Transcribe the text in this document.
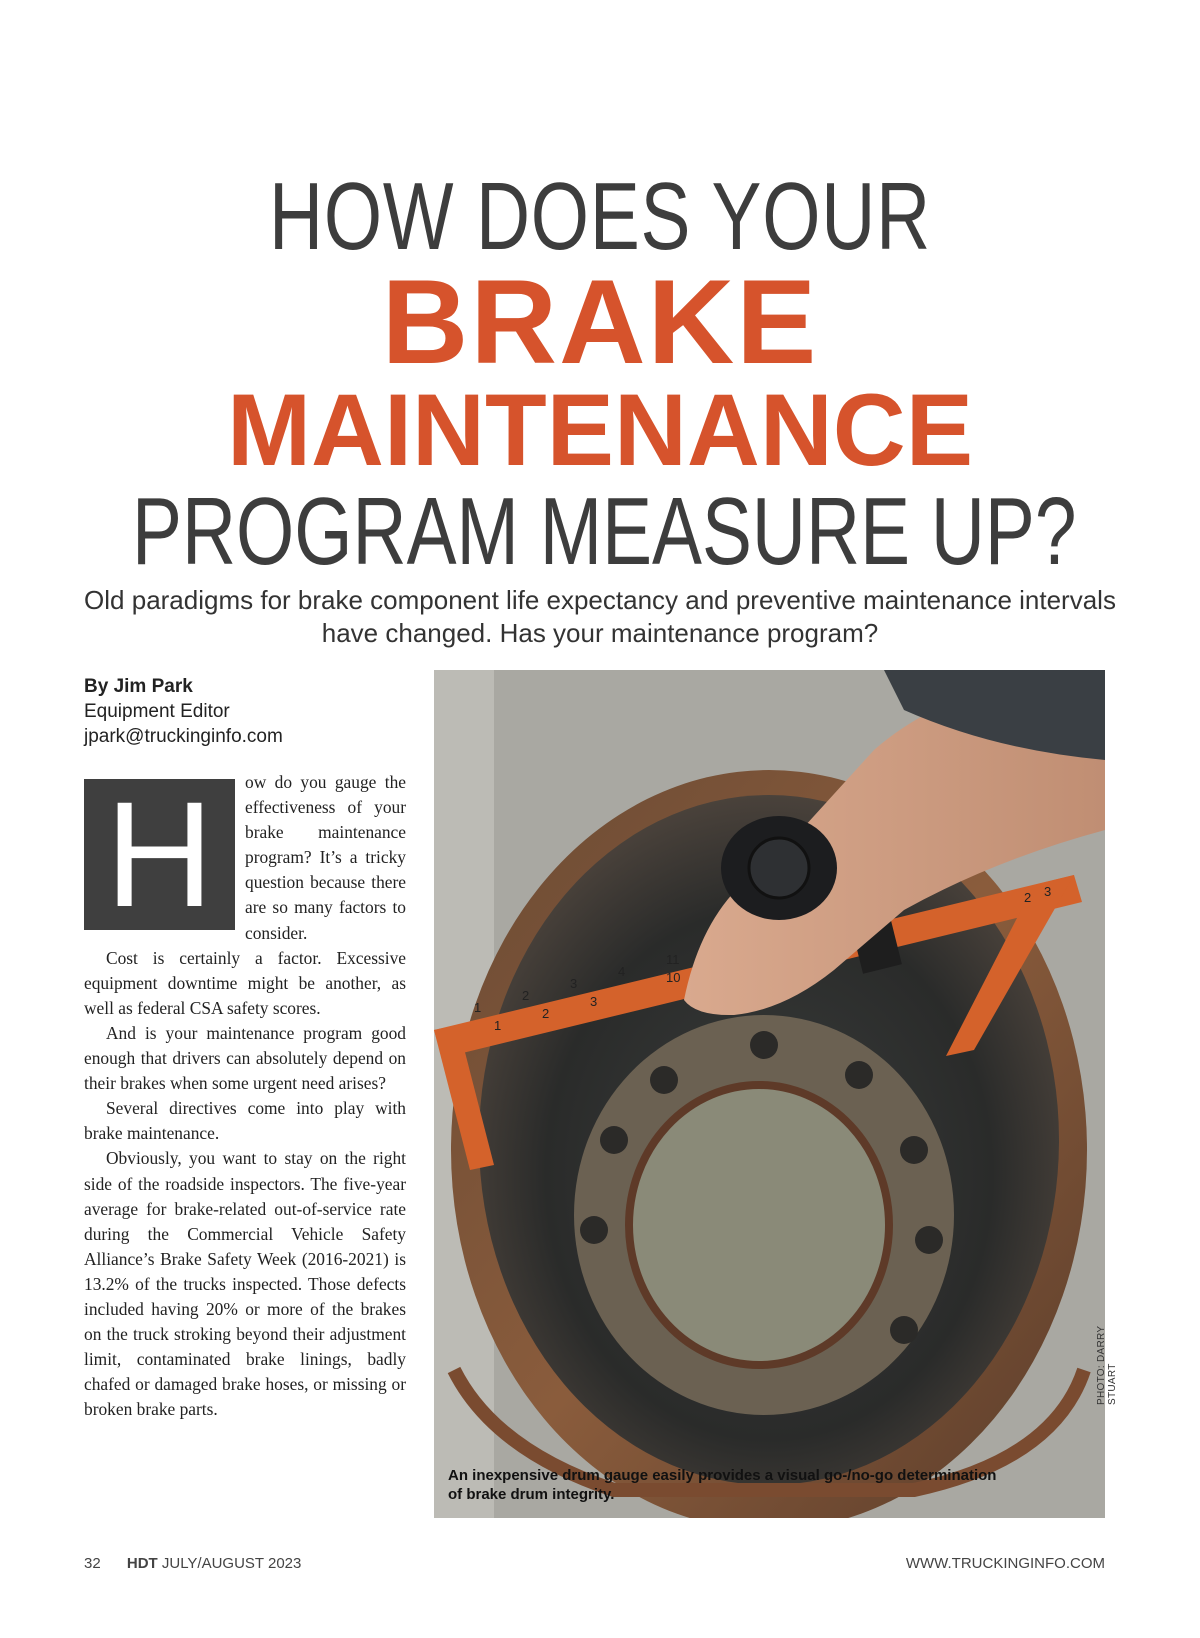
HOW DOES YOUR
BRAKE
MAINTENANCE
PROGRAM MEASURE UP?
Old paradigms for brake component life expectancy and preventive maintenance intervals have changed. Has your maintenance program?
By Jim Park
Equipment Editor
jpark@truckinginfo.com
H	ow do you gauge the effectiveness of your brake maintenance program? It’s a tricky question because there are so many factors to consider.

Cost is certainly a factor. Excessive equipment downtime might be another, as well as federal CSA safety scores.

And is your maintenance program good enough that drivers can absolutely depend on their brakes when some urgent need arises?

Several directives come into play with brake maintenance.

Obviously, you want to stay on the right side of the roadside inspectors. The five-year average for brake-related out-of-service rate during the Commercial Vehicle Safety Alliance’s Brake Safety Week (2016-2021) is 13.2% of the trucks inspected. Those defects included having 20% or more of the brakes on the truck stroking beyond their adjustment limit, contaminated brake linings, badly chafed or damaged brake hoses, or missing or broken brake parts.

1
2
3
4
11
10
1
2
3
2 3
An inexpensive drum gauge easily provides a visual go-/no-go determination of brake drum integrity.
PHOTO: DARRY STUART
32 HDT JULY/AUGUST 2023	WWW.TRUCKINGINFO.COM
